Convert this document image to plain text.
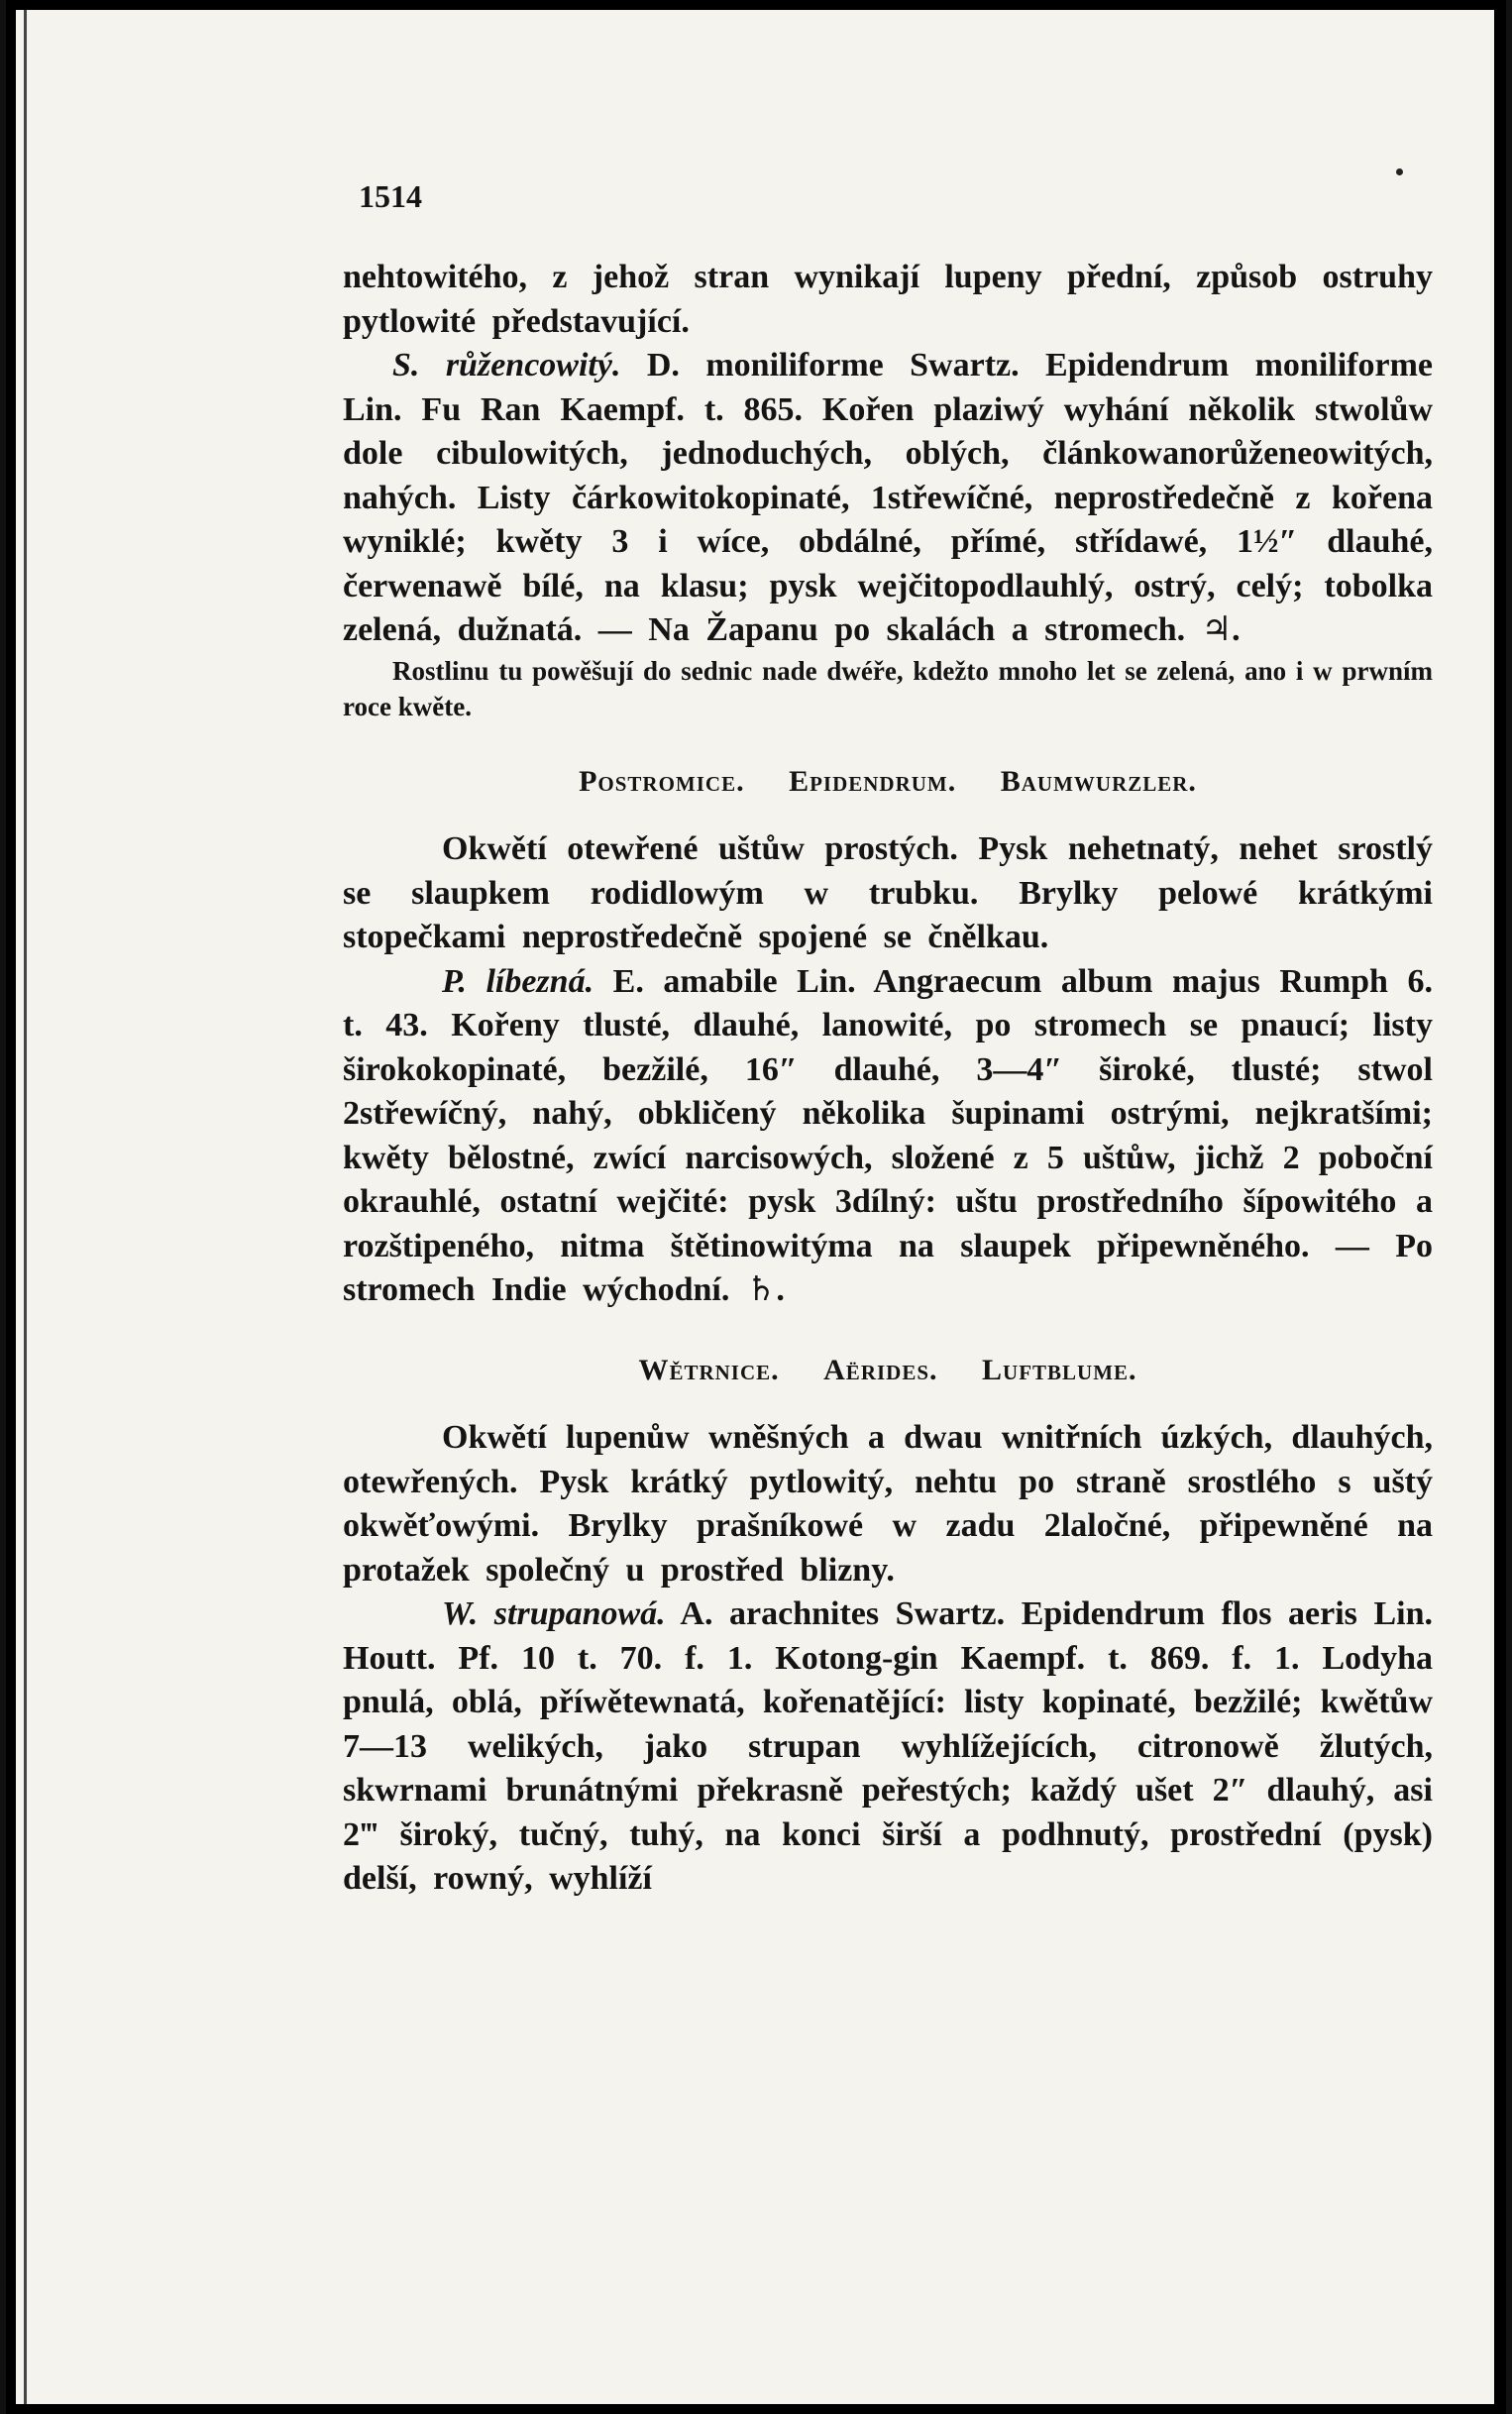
1514

nehtowitého, z jehož stran wynikají lupeny přední, způsob ostruhy pytlowité představující.

S. růžencowitý. D. moniliforme Swartz. Epidendrum moniliforme Lin. Fu Ran Kaempf. t. 865. Kořen plaziwý wyhání několik stwolůw dole cibulowitých, jednoduchých, oblých, článkowanorůženeowitých, nahých. Listy čárkowitokopinaté, 1střewíčné, neprostředečně z kořena wyniklé; kwěty 3 i wíce, obdálné, přímé, střídawé, 1½″ dlauhé, čerwenawě bílé, na klasu; pysk wejčitopodlauhlý, ostrý, celý; tobolka zelená, dužnatá. — Na Žapanu po skalách a stromech. ♃.

Rostlinu tu powěšují do sednic nade dwéře, kdežto mnoho let se zelená, ano i w prwním roce kwěte.

Postromice. Epidendrum. Baumwurzler.

Okwětí otewřené uštůw prostých. Pysk nehetnatý, nehet srostlý se slaupkem rodidlowým w trubku. Brylky pelowé krátkými stopečkami neprostředečně spojené se čnělkau.

P. líbezná. E. amabile Lin. Angraecum album majus Rumph 6. t. 43. Kořeny tlusté, dlauhé, lanowité, po stromech se pnaucí; listy širokokopinaté, bezžilé, 16″ dlauhé, 3—4″ široké, tlusté; stwol 2střewíčný, nahý, obkličený několika šupinami ostrými, nejkratšími; kwěty bělostné, zwící narcisowých, složené z 5 uštůw, jichž 2 poboční okrauhlé, ostatní wejčité: pysk 3dílný: uštu prostředního šípowitého a rozštipeného, nitma štětinowitýma na slaupek připewněného. — Po stromech Indie wýchodní. ♄.

Wětrnice. Aërides. Luftblume.

Okwětí lupenůw wněšných a dwau wnitřních úzkých, dlauhých, otewřených. Pysk krátký pytlowitý, nehtu po straně srostlého s uštý okwěťowými. Brylky prašníkowé w zadu 2laločné, připewněné na protažek společný u prostřed blizny.

W. strupanowá. A. arachnites Swartz. Epidendrum flos aeris Lin. Houtt. Pf. 10 t. 70. f. 1. Kotong-gin Kaempf. t. 869. f. 1. Lodyha pnulá, oblá, příwětewnatá, kořenatějící: listy kopinaté, bezžilé; kwětůw 7—13 welikých, jako strupan wyhlížejících, citronowě žlutých, skwrnami brunátnými překrasně peřestých; každý ušet 2″ dlauhý, asi 2‴ široký, tučný, tuhý, na konci širší a podhnutý, prostřední (pysk) delší, rowný, wyhlíží
